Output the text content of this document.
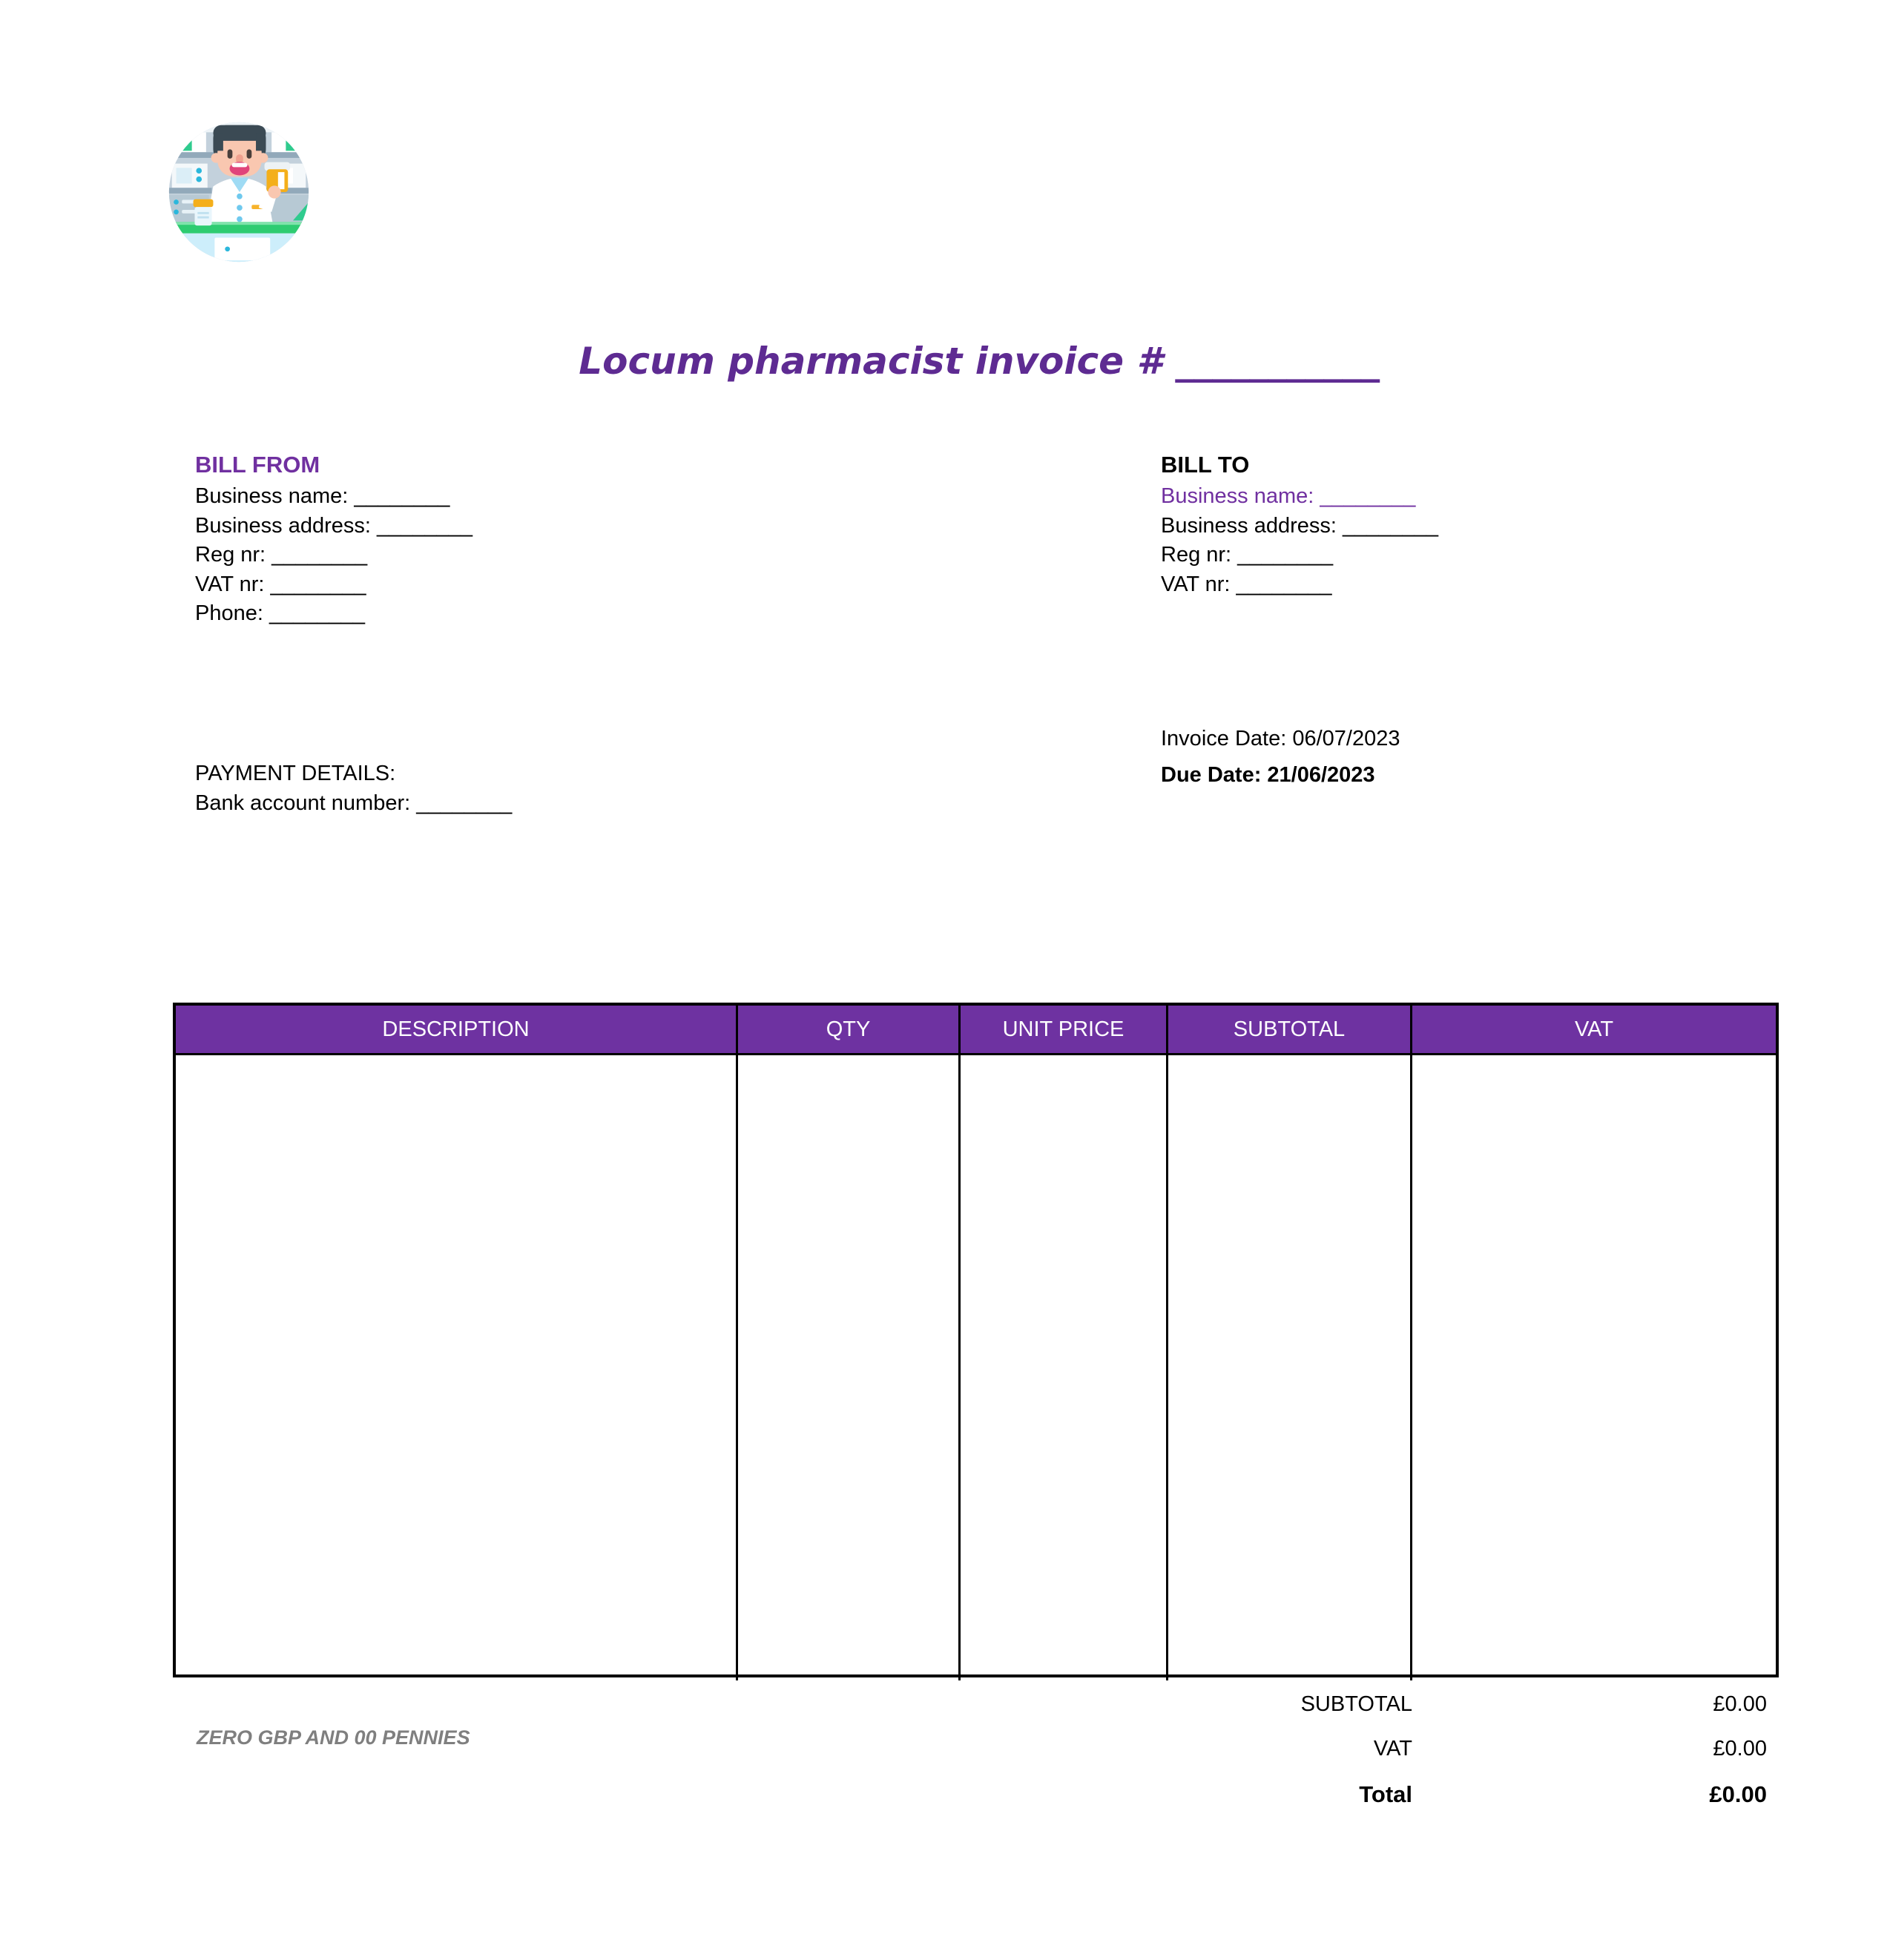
Locum pharmacist invoice # ___________
BILL FROM
Business name: ________
Business address: ________
Reg nr: ________
VAT nr: ________
Phone: ________
BILL TO
Business name: ________
Business address: ________
Reg nr: ________
VAT nr: ________
Invoice Date: 06/07/2023
Due Date: 21/06/2023
PAYMENT DETAILS:
Bank account number: ________
DESCRIPTION	QTY	UNIT PRICE	SUBTOTAL	VAT
SUBTOTAL	£0.00
VAT	£0.00
Total	£0.00
ZERO GBP AND 00 PENNIES
